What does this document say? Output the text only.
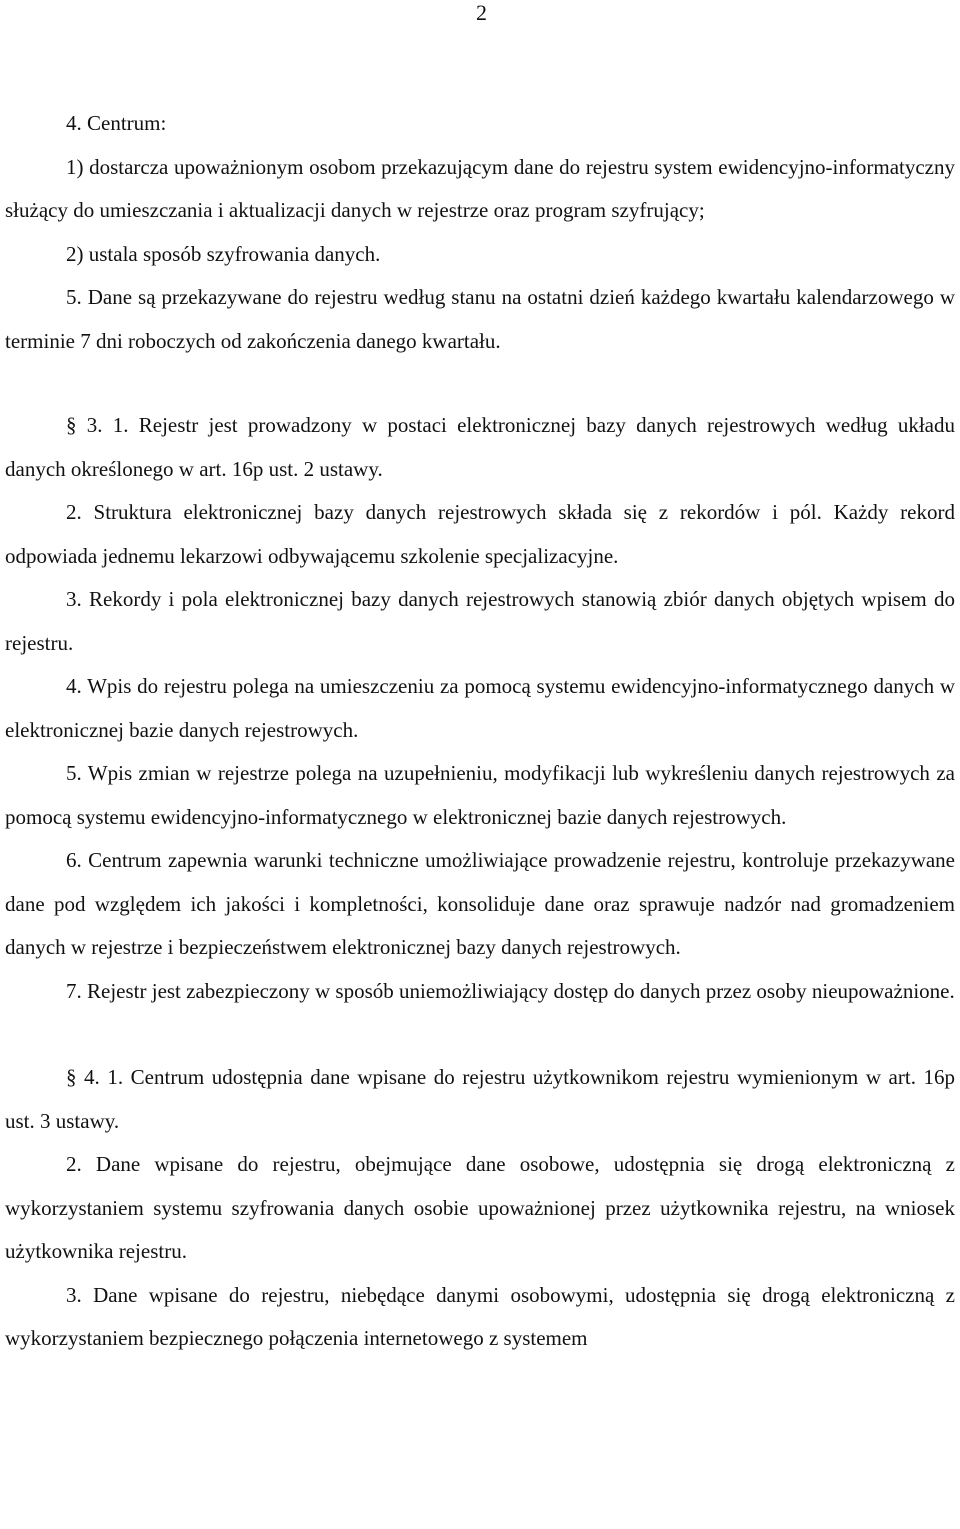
2

4. Centrum:

1) dostarcza upoważnionym osobom przekazującym dane do rejestru system ewidencyjno-informatyczny służący do umieszczania i aktualizacji danych w rejestrze oraz program szyfrujący;

2) ustala sposób szyfrowania danych.

5. Dane są przekazywane do rejestru według stanu na ostatni dzień każdego kwartału kalendarzowego w terminie 7 dni roboczych od zakończenia danego kwartału.

§ 3. 1. Rejestr jest prowadzony w postaci elektronicznej bazy danych rejestrowych według układu danych określonego w art. 16p ust. 2 ustawy.

2. Struktura elektronicznej bazy danych rejestrowych składa się z rekordów i pól. Każdy rekord odpowiada jednemu lekarzowi odbywającemu szkolenie specjalizacyjne.

3. Rekordy i pola elektronicznej bazy danych rejestrowych stanowią zbiór danych objętych wpisem do rejestru.

4. Wpis do rejestru polega na umieszczeniu za pomocą systemu ewidencyjno-informatycznego danych w elektronicznej bazie danych rejestrowych.

5. Wpis zmian w rejestrze polega na uzupełnieniu, modyfikacji lub wykreśleniu danych rejestrowych za pomocą systemu ewidencyjno-informatycznego w elektronicznej bazie danych rejestrowych.

6. Centrum zapewnia warunki techniczne umożliwiające prowadzenie rejestru, kontroluje przekazywane dane pod względem ich jakości i kompletności, konsoliduje dane oraz sprawuje nadzór nad gromadzeniem danych w rejestrze i bezpieczeństwem elektronicznej bazy danych rejestrowych.

7. Rejestr jest zabezpieczony w sposób uniemożliwiający dostęp do danych przez osoby nieupoważnione.

§ 4. 1. Centrum udostępnia dane wpisane do rejestru użytkownikom rejestru wymienionym w art. 16p ust. 3 ustawy.

2. Dane wpisane do rejestru, obejmujące dane osobowe, udostępnia się drogą elektroniczną z wykorzystaniem systemu szyfrowania danych osobie upoważnionej przez użytkownika rejestru, na wniosek użytkownika rejestru.

3. Dane wpisane do rejestru, niebędące danymi osobowymi, udostępnia się drogą elektroniczną z wykorzystaniem bezpiecznego połączenia internetowego z systemem
